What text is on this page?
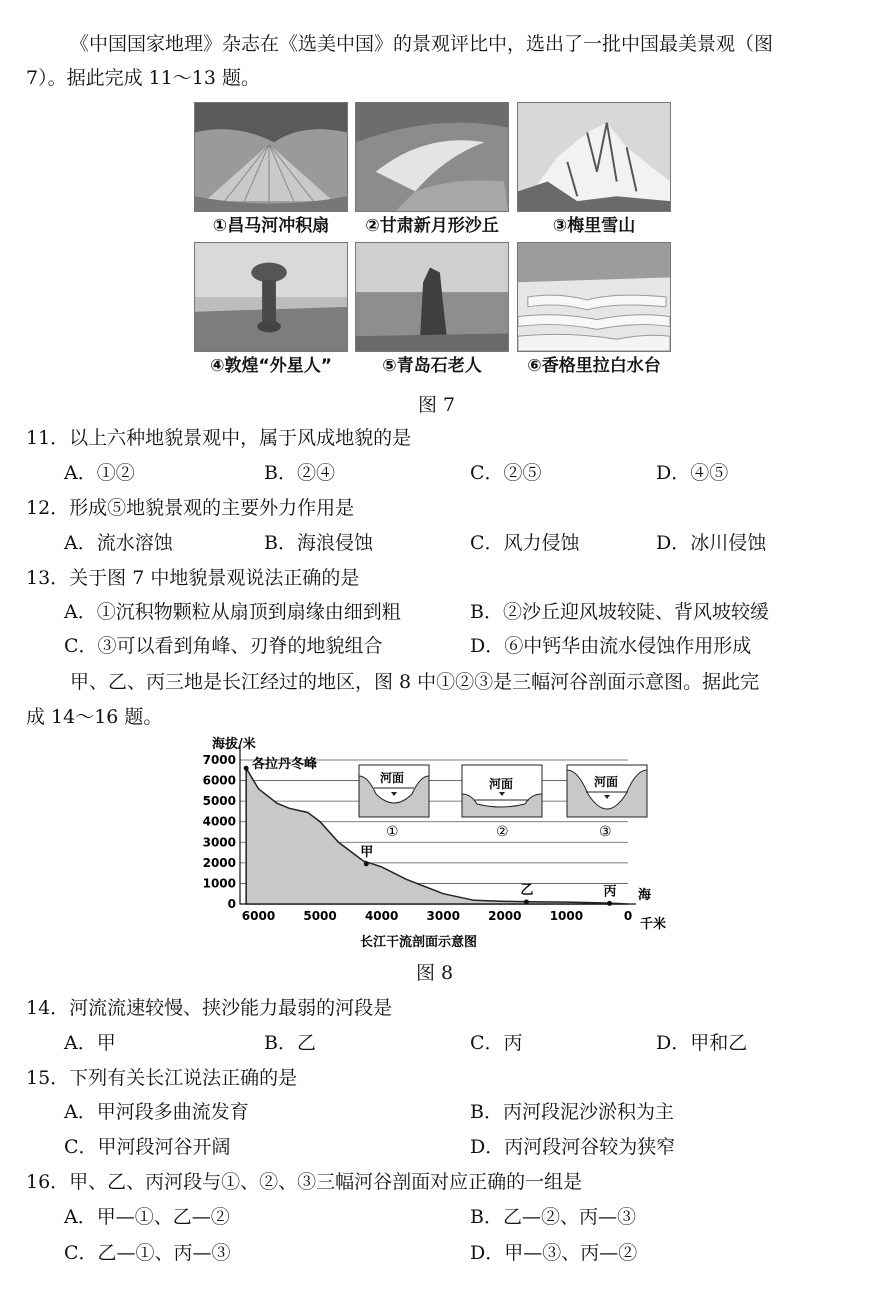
《中国国家地理》杂志在《选美中国》的景观评比中，选出了一批中国最美景观（图
7）。据此完成 11～13 题。
①昌马河冲积扇	②甘肃新月形沙丘	③梅里雪山
④敦煌“外星人”	⑤青岛石老人	⑥香格里拉白水台
图 7
11．以上六种地貌景观中，属于风成地貌的是
A．①②	B．②④	C．②⑤	D．④⑤
12．形成⑤地貌景观的主要外力作用是
A．流水溶蚀	B．海浪侵蚀	C．风力侵蚀	D．冰川侵蚀
13．关于图 7 中地貌景观说法正确的是
A．①沉积物颗粒从扇顶到扇缘由细到粗	B．②沙丘迎风坡较陡、背风坡较缓
C．③可以看到角峰、刃脊的地貌组合	D．⑥中钙华由流水侵蚀作用形成
甲、乙、丙三地是长江经过的地区，图 8 中①②③是三幅河谷剖面示意图。据此完
成 14～16 题。
海拔/米
0
1000
2000
3000
4000
5000
6000
7000
6000 5000 4000 3000 2000 1000	0
甲
乙	丙
各拉丹冬峰
海
千米
长江干流剖面示意图
河面
①
河面
②
河面
③
图 8
14．河流流速较慢、挟沙能力最弱的河段是
A．甲	B．乙	C．丙	D．甲和乙
15．下列有关长江说法正确的是
A．甲河段多曲流发育	B．丙河段泥沙淤积为主
C．甲河段河谷开阔	D．丙河段河谷较为狭窄
16．甲、乙、丙河段与①、②、③三幅河谷剖面对应正确的一组是
A．甲—①、乙—②	B．乙—②、丙—③
C．乙—①、丙—③	D．甲—③、丙—②
